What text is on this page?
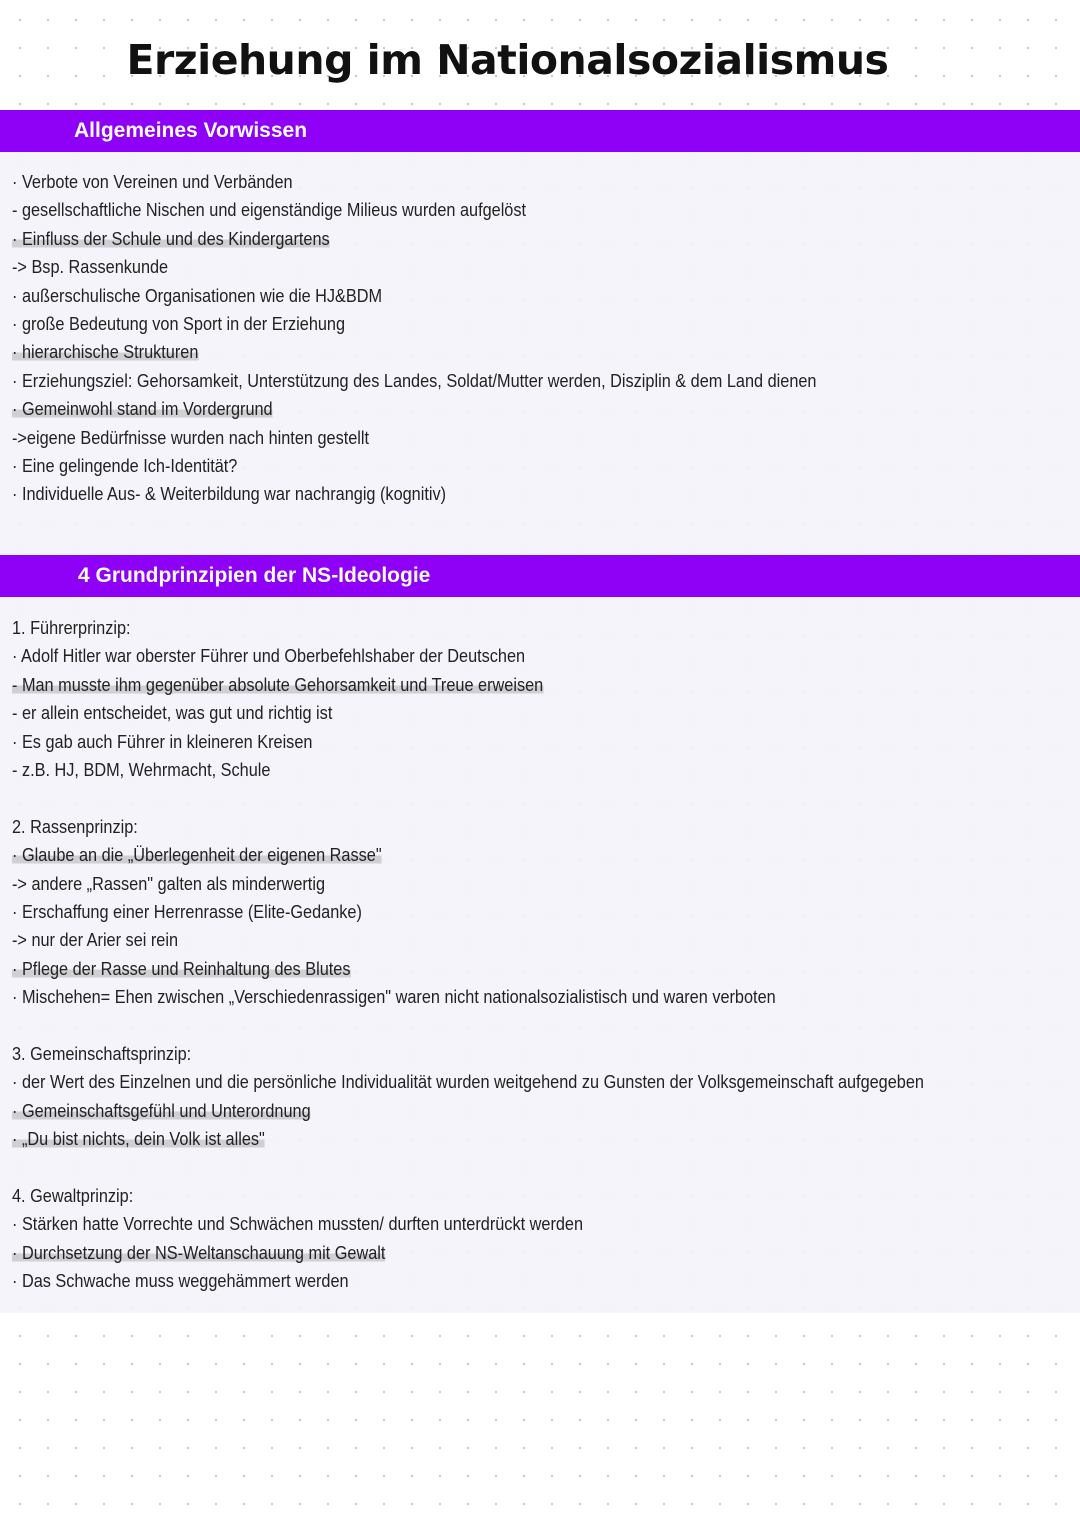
Erziehung im Nationalsozialismus
Allgemeines Vorwissen
· Verbote von Vereinen und Verbänden
- gesellschaftliche Nischen und eigenständige Milieus wurden aufgelöst
· Einfluss der Schule und des Kindergartens
-> Bsp. Rassenkunde
· außerschulische Organisationen wie die HJ&BDM
· große Bedeutung von Sport in der Erziehung
· hierarchische Strukturen
· Erziehungsziel: Gehorsamkeit, Unterstützung des Landes, Soldat/Mutter werden, Disziplin & dem Land dienen
· Gemeinwohl stand im Vordergrund
->eigene Bedürfnisse wurden nach hinten gestellt
· Eine gelingende Ich-Identität?
· Individuelle Aus- & Weiterbildung war nachrangig (kognitiv)
4 Grundprinzipien der NS-Ideologie
1. Führerprinzip:
· Adolf Hitler war oberster Führer und Oberbefehlshaber der Deutschen
- Man musste ihm gegenüber absolute Gehorsamkeit und Treue erweisen
- er allein entscheidet, was gut und richtig ist
· Es gab auch Führer in kleineren Kreisen
- z.B. HJ, BDM, Wehrmacht, Schule
2. Rassenprinzip:
· Glaube an die „Überlegenheit der eigenen Rasse"
-> andere „Rassen" galten als minderwertig
· Erschaffung einer Herrenrasse (Elite-Gedanke)
-> nur der Arier sei rein
· Pflege der Rasse und Reinhaltung des Blutes
· Mischehen= Ehen zwischen „Verschiedenrassigen" waren nicht nationalsozialistisch und waren verboten
3. Gemeinschaftsprinzip:
· der Wert des Einzelnen und die persönliche Individualität wurden weitgehend zu Gunsten der Volksgemeinschaft aufgegeben
· Gemeinschaftsgefühl und Unterordnung
· „Du bist nichts, dein Volk ist alles"
4. Gewaltprinzip:
· Stärken hatte Vorrechte und Schwächen mussten/ durften unterdrückt werden
· Durchsetzung der NS-Weltanschauung mit Gewalt
· Das Schwache muss weggehämmert werden
